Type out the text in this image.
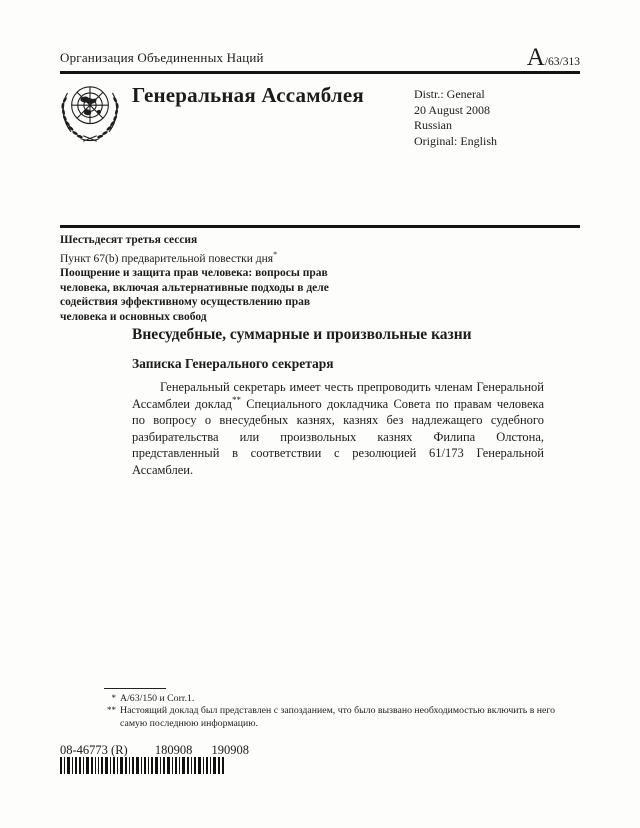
Организация Объединенных Наций	A/63/313
Генеральная Ассамблея	Distr.: General
20 August 2008
Russian
Original: English
Шестьдесят третья сессия
Пункт 67(b) предварительной повестки дня*
Поощрение и защита прав человека: вопросы прав человека, включая альтернативные подходы в деле содействия эффективному осуществлению прав человека и основных свобод
Внесудебные, суммарные и произвольные казни
Записка Генерального секретаря

Генеральный секретарь имеет честь препроводить членам Генеральной Ассамблеи доклад** Специального докладчика Совета по правам человека по вопросу о внесудебных казнях, казнях без надлежащего судебного разбирательства или произвольных казнях Филипа Олстона, представленный в соответствии с резолюцией 61/173 Генеральной Ассамблеи.

* А/63/150 и Corr.1.
** Настоящий доклад был представлен с запозданием, что было вызвано необходимостью включить в него самую последнюю информацию.
08-46773 (R) 180908 190908
